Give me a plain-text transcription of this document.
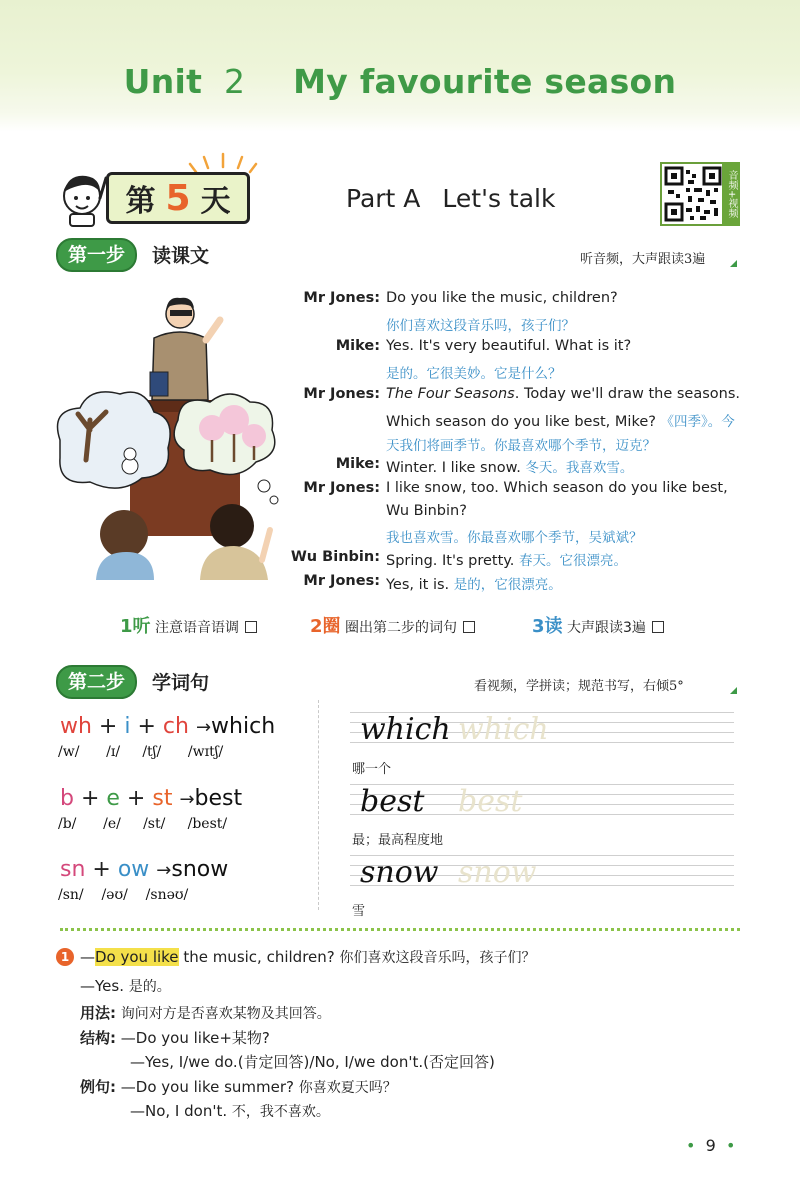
Unit 2 My favourite season
第 5 天	Part A Let's talk	音频+视频
第一步	读课文	听音频，大声跟读3遍
Mr Jones: Do you like the music, children?
你们喜欢这段音乐吗，孩子们？
Mike: Yes. It's very beautiful. What is it?
是的。它很美妙。它是什么？
Mr Jones: The Four Seasons. Today we'll draw the seasons.
Which season do you like best, Mike? 《四季》。今
天我们将画季节。你最喜欢哪个季节，迈克？
Mike: Winter. I like snow. 冬天。我喜欢雪。
Mr Jones: I like snow, too. Which season do you like best,
Wu Binbin?
我也喜欢雪。你最喜欢哪个季节，吴斌斌？
Wu Binbin: Spring. It's pretty. 春天。它很漂亮。
Mr Jones: Yes, it is. 是的，它很漂亮。
1听 注意语音语调	2圈 圈出第二步的词句	3读 大声跟读3遍
第二步	学词句	看视频，学拼读；规范书写，右倾5°
wh + i + ch →which
/w/ /ɪ/ /tʃ/ /wɪtʃ/
b + e + st →best
/b/ /e/ /st/ /best/
sn + ow →snow
/sn/ /əʊ/ /snəʊ/
which which
哪一个
best best
最；最高程度地
snow snow
雪
1 —Do you like the music, children? 你们喜欢这段音乐吗，孩子们？
—Yes. 是的。
用法: 询问对方是否喜欢某物及其回答。
结构: —Do you like+某物?
—Yes, I/we do.(肯定回答)/No, I/we don't.(否定回答)
例句: —Do you like summer? 你喜欢夏天吗？
—No, I don't. 不，我不喜欢。
• 9 •
